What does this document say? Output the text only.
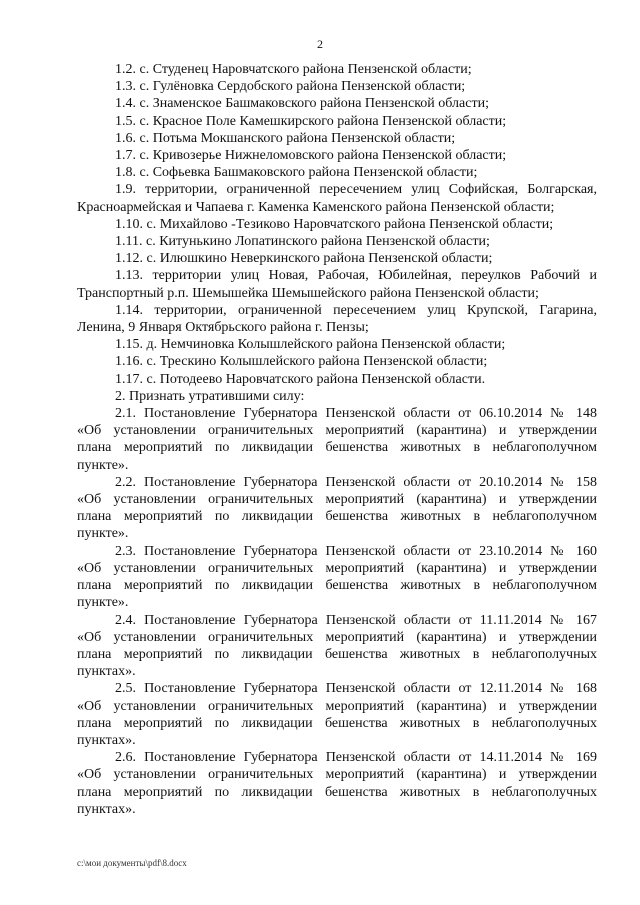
2
1.2. с. Студенец Наровчатского района Пензенской области;
1.3. с. Гулёновка Сердобского района Пензенской области;
1.4. с. Знаменское Башмаковского района Пензенской области;
1.5. с. Красное Поле Камешкирского района Пензенской области;
1.6. с. Потьма Мокшанского района Пензенской области;
1.7. с. Кривозерье Нижнеломовского района Пензенской области;
1.8. с. Софьевка Башмаковского района Пензенской области;
1.9. территории, ограниченной пересечением улиц Софийская, Болгарская,
Красноармейская и Чапаева г. Каменка Каменского района Пензенской области;
1.10. с. Михайлово -Тезиково Наровчатского района Пензенской области;
1.11. с. Китунькино Лопатинского района Пензенской области;
1.12. с. Илюшкино Неверкинского района Пензенской области;
1.13. территории улиц Новая, Рабочая, Юбилейная, переулков Рабочий и
Транспортный р.п. Шемышейка Шемышейского района Пензенской области;
1.14. территории, ограниченной пересечением улиц Крупской, Гагарина,
Ленина, 9 Января Октябрьского района г. Пензы;
1.15. д. Немчиновка Колышлейского района Пензенской области;
1.16. с. Трескино Колышлейского района Пензенской области;
1.17. с. Потодеево Наровчатского района Пензенской области.
2. Признать утратившими силу:
2.1. Постановление Губернатора Пензенской области от 06.10.2014 № 148
«Об установлении ограничительных мероприятий (карантина) и утверждении
плана мероприятий по ликвидации бешенства животных в неблагополучном
пункте».
2.2. Постановление Губернатора Пензенской области от 20.10.2014 № 158
«Об установлении ограничительных мероприятий (карантина) и утверждении
плана мероприятий по ликвидации бешенства животных в неблагополучном
пункте».
2.3. Постановление Губернатора Пензенской области от 23.10.2014 № 160
«Об установлении ограничительных мероприятий (карантина) и утверждении
плана мероприятий по ликвидации бешенства животных в неблагополучном
пункте».
2.4. Постановление Губернатора Пензенской области от 11.11.2014 № 167
«Об установлении ограничительных мероприятий (карантина) и утверждении
плана мероприятий по ликвидации бешенства животных в неблагополучных
пунктах».
2.5. Постановление Губернатора Пензенской области от 12.11.2014 № 168
«Об установлении ограничительных мероприятий (карантина) и утверждении
плана мероприятий по ликвидации бешенства животных в неблагополучных
пунктах».
2.6. Постановление Губернатора Пензенской области от 14.11.2014 № 169
«Об установлении ограничительных мероприятий (карантина) и утверждении
плана мероприятий по ликвидации бешенства животных в неблагополучных
пунктах».
c:\мои документы\pdf\8.docx
